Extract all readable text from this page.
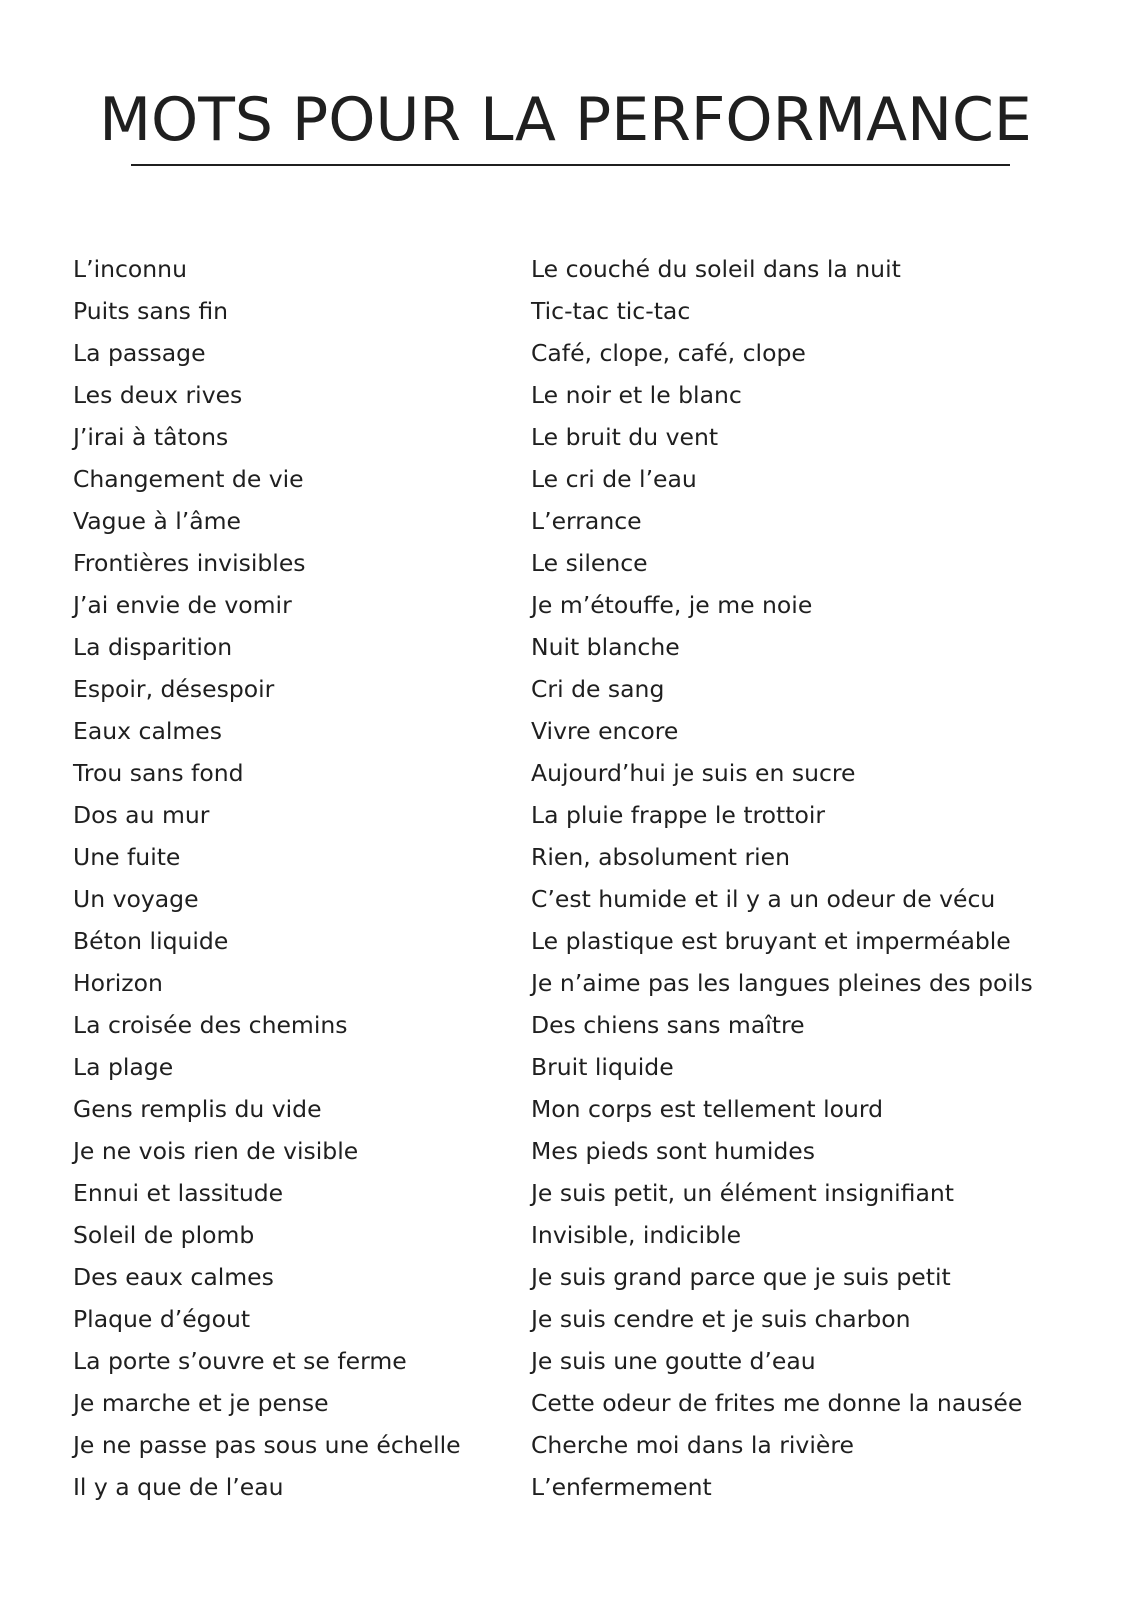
MOTS POUR LA PERFORMANCE
L’inconnu
Puits sans fin
La passage
Les deux rives
J’irai à tâtons
Changement de vie
Vague à l’âme
Frontières invisibles
J’ai envie de vomir
La disparition
Espoir, désespoir
Eaux calmes
Trou sans fond
Dos au mur
Une fuite
Un voyage
Béton liquide
Horizon
La croisée des chemins
La plage
Gens remplis du vide
Je ne vois rien de visible
Ennui et lassitude
Soleil de plomb
Des eaux calmes
Plaque d’égout
La porte s’ouvre et se ferme
Je marche et je pense
Je ne passe pas sous une échelle
Il y a que de l’eau
Le couché du soleil dans la nuit
Tic-tac tic-tac
Café, clope, café, clope
Le noir et le blanc
Le bruit du vent
Le cri de l’eau
L’errance
Le silence
Je m’étouffe, je me noie
Nuit blanche
Cri de sang
Vivre encore
Aujourd’hui je suis en sucre
La pluie frappe le trottoir
Rien, absolument rien
C’est humide et il y a un odeur de vécu
Le plastique est bruyant et imperméable
Je n’aime pas les langues pleines des poils
Des chiens sans maître
Bruit liquide
Mon corps est tellement lourd
Mes pieds sont humides
Je suis petit, un élément insignifiant
Invisible, indicible
Je suis grand parce que je suis petit
Je suis cendre et je suis charbon
Je suis une goutte d’eau
Cette odeur de frites me donne la nausée
Cherche moi dans la rivière
L’enfermement
